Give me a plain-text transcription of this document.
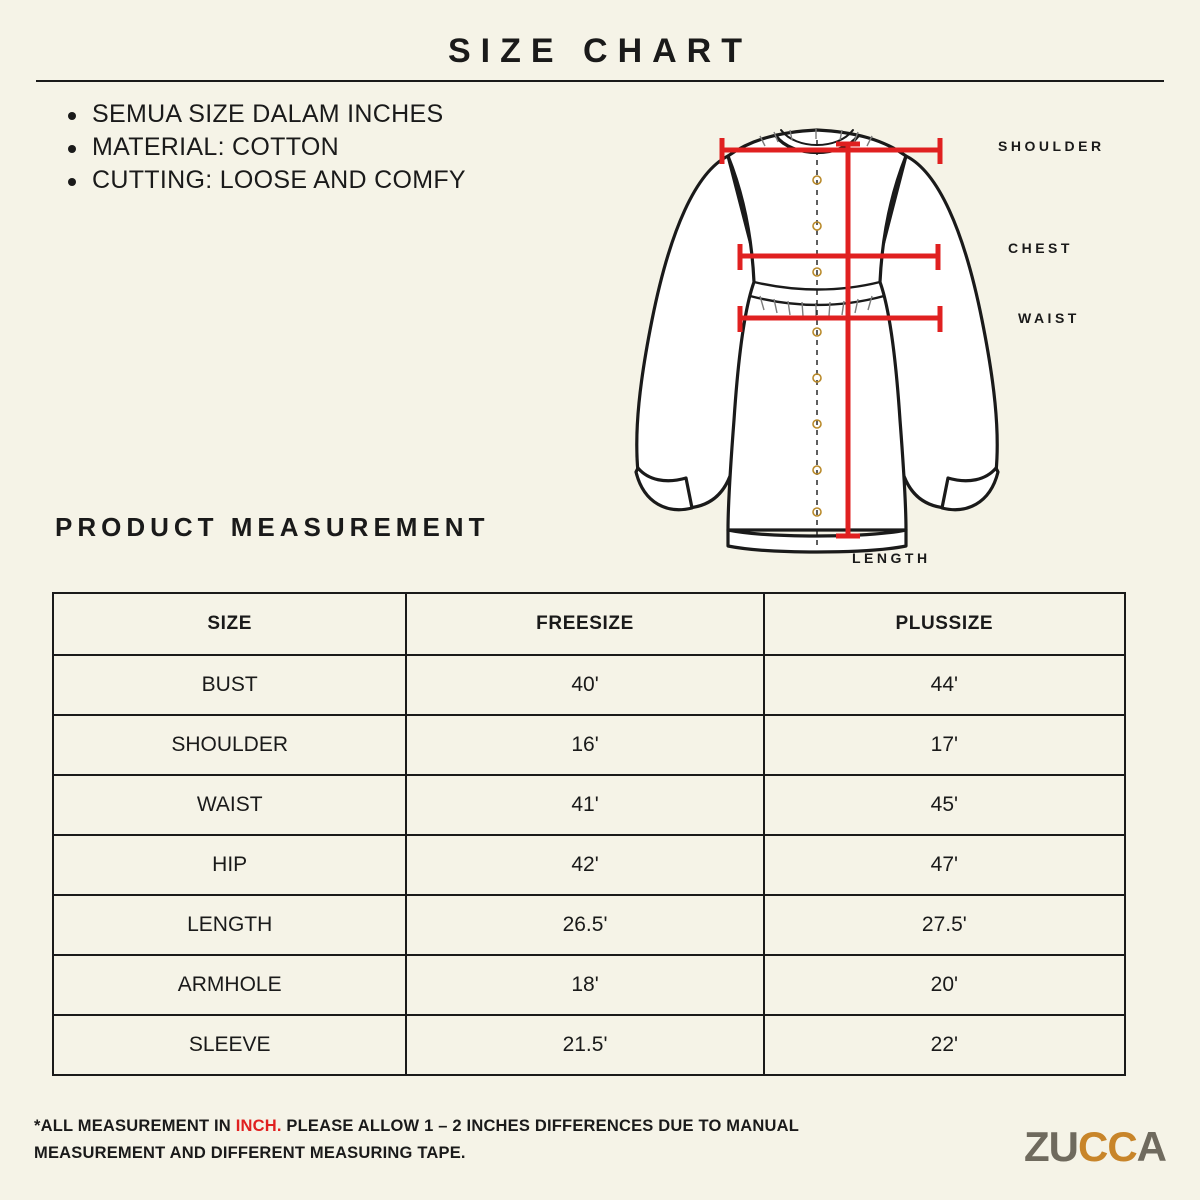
SIZE CHART
SEMUA SIZE DALAM INCHES
MATERIAL: COTTON
CUTTING: LOOSE AND COMFY
SHOULDER
CHEST
WAIST
LENGTH
PRODUCT MEASUREMENT
SIZE	FREESIZE	PLUSSIZE
BUST	40'	44'
SHOULDER	16'	17'
WAIST	41'	45'
HIP	42'	47'
LENGTH	26.5'	27.5'
ARMHOLE	18'	20'
SLEEVE	21.5'	22'
*ALL MEASUREMENT IN INCH. PLEASE ALLOW 1 – 2 INCHES DIFFERENCES DUE TO MANUAL MEASUREMENT AND DIFFERENT MEASURING TAPE.	ZUCCA
